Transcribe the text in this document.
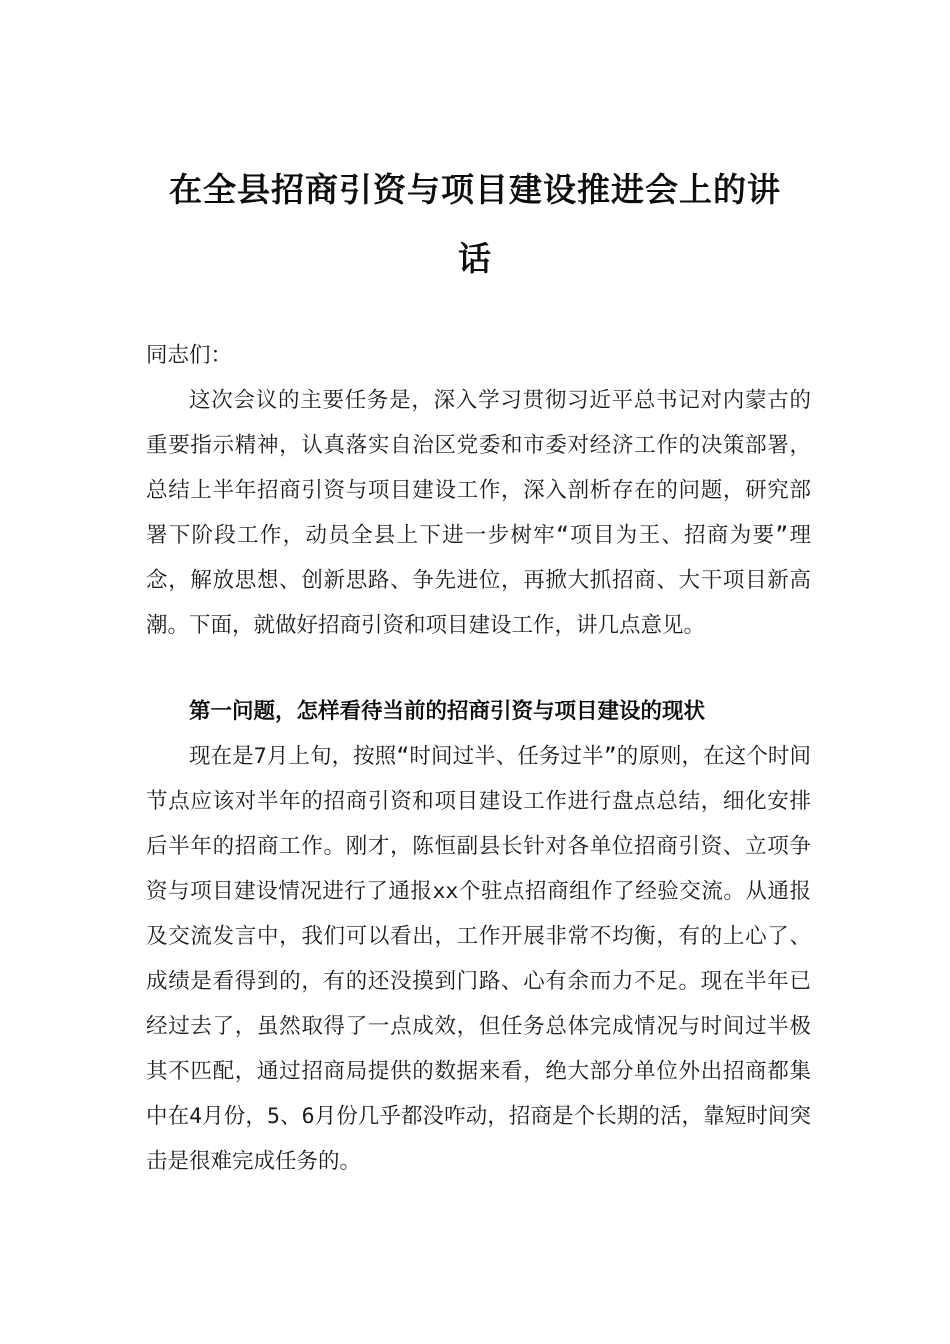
在全县招商引资与项目建设推进会上的讲
话

同志们：

这次会议的主要任务是，深入学习贯彻习近平总书记对内蒙古的重要指示精神，认真落实自治区党委和市委对经济工作的决策部署，总结上半年招商引资与项目建设工作，深入剖析存在的问题，研究部署下阶段工作，动员全县上下进一步树牢“项目为王、招商为要”理念，解放思想、创新思路、争先进位，再掀大抓招商、大干项目新高潮。下面，就做好招商引资和项目建设工作，讲几点意见。

第一问题，怎样看待当前的招商引资与项目建设的现状

现在是7月上旬，按照“时间过半、任务过半”的原则，在这个时间节点应该对半年的招商引资和项目建设工作进行盘点总结，细化安排后半年的招商工作。刚才，陈恒副县长针对各单位招商引资、立项争资与项目建设情况进行了通报xx个驻点招商组作了经验交流。从通报及交流发言中，我们可以看出，工作开展非常不均衡，有的上心了、成绩是看得到的，有的还没摸到门路、心有余而力不足。现在半年已经过去了，虽然取得了一点成效，但任务总体完成情况与时间过半极其不匹配，通过招商局提供的数据来看，绝大部分单位外出招商都集中在4月份，5、6月份几乎都没咋动，招商是个长期的活，靠短时间突击是很难完成任务的。
